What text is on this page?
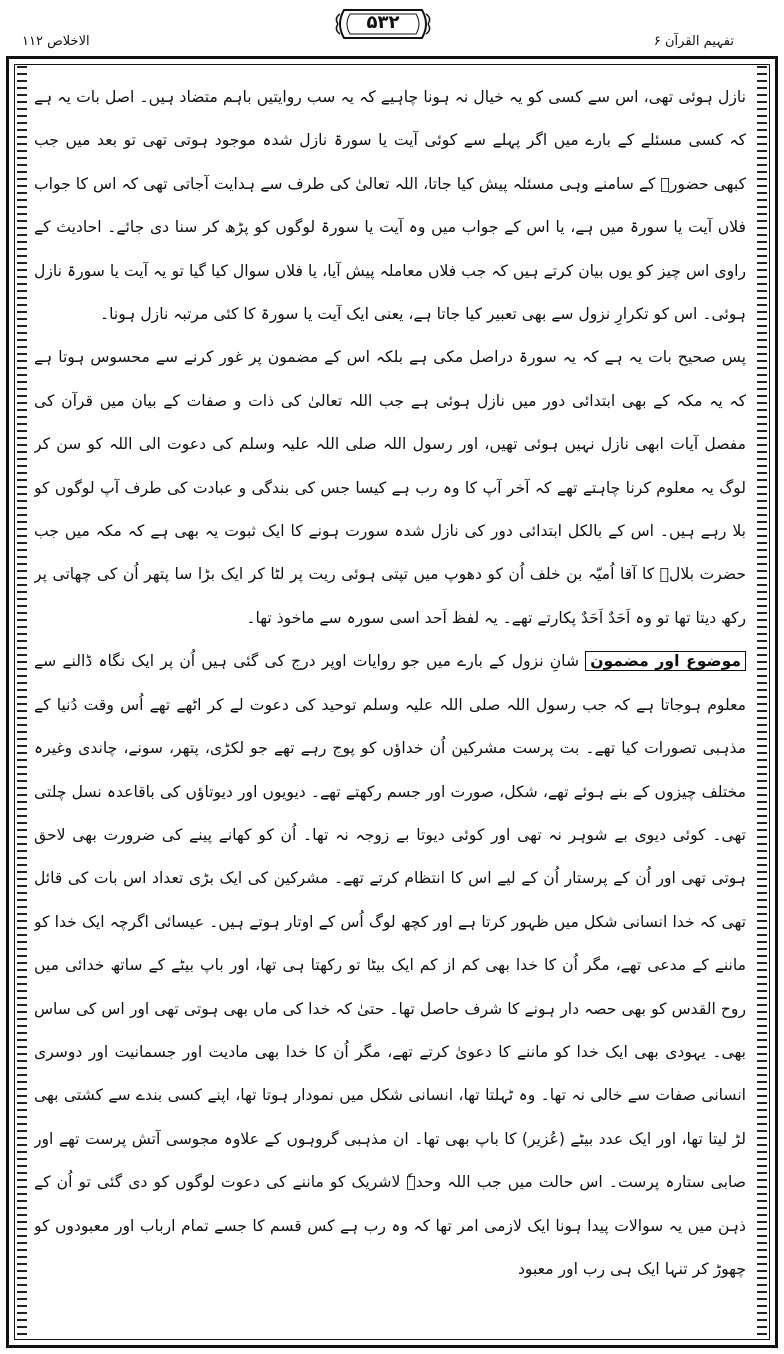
الاخلاص ۱۱۲
۵۳۲
تفہیم القرآن ۶

نازل ہوئی تھی، اس سے کسی کو یہ خیال نہ ہونا چاہیے کہ یہ سب روایتیں باہم متضاد ہیں۔ اصل بات یہ ہے کہ کسی مسئلے کے بارے میں اگر پہلے سے کوئی آیت یا سورۃ نازل شدہ موجود ہوتی تھی تو بعد میں جب کبھی حضورؐ کے سامنے وہی مسئلہ پیش کیا جاتا، اللہ تعالیٰ کی طرف سے ہدایت آجاتی تھی کہ اس کا جواب فلاں آیت یا سورۃ میں ہے، یا اس کے جواب میں وہ آیت یا سورۃ لوگوں کو پڑھ کر سنا دی جائے۔ احادیث کے راوی اس چیز کو یوں بیان کرتے ہیں کہ جب فلاں معاملہ پیش آیا، یا فلاں سوال کیا گیا تو یہ آیت یا سورۃ نازل ہوئی۔ اس کو تکرارِ نزول سے بھی تعبیر کیا جاتا ہے، یعنی ایک آیت یا سورۃ کا کئی مرتبہ نازل ہونا۔

پس صحیح بات یہ ہے کہ یہ سورۃ دراصل مکی ہے بلکہ اس کے مضمون پر غور کرنے سے محسوس ہوتا ہے کہ یہ مکہ کے بھی ابتدائی دور میں نازل ہوئی ہے جب اللہ تعالیٰ کی ذات و صفات کے بیان میں قرآن کی مفصل آیات ابھی نازل نہیں ہوئی تھیں، اور رسول اللہ صلی اللہ علیہ وسلم کی دعوت الی اللہ کو سن کر لوگ یہ معلوم کرنا چاہتے تھے کہ آخر آپ کا وہ رب ہے کیسا جس کی بندگی و عبادت کی طرف آپ لوگوں کو بلا رہے ہیں۔ اس کے بالکل ابتدائی دور کی نازل شدہ سورت ہونے کا ایک ثبوت یہ بھی ہے کہ مکہ میں جب حضرت بلالؓ کا آقا اُمیّہ بن خلف اُن کو دھوپ میں تپتی ہوئی ریت پر لٹا کر ایک بڑا سا پتھر اُن کی چھاتی پر رکھ دیتا تھا تو وہ اَحَدٌ اَحَدٌ پکارتے تھے۔ یہ لفظ اَحد اسی سورہ سے ماخوذ تھا۔

موضوع اور مضمون شانِ نزول کے بارے میں جو روایات اوپر درج کی گئی ہیں اُن پر ایک نگاہ ڈالنے سے معلوم ہوجاتا ہے کہ جب رسول اللہ صلی اللہ علیہ وسلم توحید کی دعوت لے کر اٹھے تھے اُس وقت دُنیا کے مذہبی تصورات کیا تھے۔ بت پرست مشرکین اُن خداؤں کو پوج رہے تھے جو لکڑی، پتھر، سونے، چاندی وغیرہ مختلف چیزوں کے بنے ہوئے تھے، شکل، صورت اور جسم رکھتے تھے۔ دیویوں اور دیوتاؤں کی باقاعدہ نسل چلتی تھی۔ کوئی دیوی بے شوہر نہ تھی اور کوئی دیوتا بے زوجہ نہ تھا۔ اُن کو کھانے پینے کی ضرورت بھی لاحق ہوتی تھی اور اُن کے پرستار اُن کے لیے اس کا انتظام کرتے تھے۔ مشرکین کی ایک بڑی تعداد اس بات کی قائل تھی کہ خدا انسانی شکل میں ظہور کرتا ہے اور کچھ لوگ اُس کے اوتار ہوتے ہیں۔ عیسائی اگرچہ ایک خدا کو ماننے کے مدعی تھے، مگر اُن کا خدا بھی کم از کم ایک بیٹا تو رکھتا ہی تھا، اور باپ بیٹے کے ساتھ خدائی میں روح القدس کو بھی حصہ دار ہونے کا شرف حاصل تھا۔ حتیٰ کہ خدا کی ماں بھی ہوتی تھی اور اس کی ساس بھی۔ یہودی بھی ایک خدا کو ماننے کا دعویٰ کرتے تھے، مگر اُن کا خدا بھی مادیت اور جسمانیت اور دوسری انسانی صفات سے خالی نہ تھا۔ وہ ٹہلتا تھا، انسانی شکل میں نمودار ہوتا تھا، اپنے کسی بندے سے کشتی بھی لڑ لیتا تھا، اور ایک عدد بیٹے (عُزیر) کا باپ بھی تھا۔ ان مذہبی گروہوں کے علاوہ مجوسی آتش پرست تھے اور صابی ستارہ پرست۔ اس حالت میں جب اللہ وحدہٗ لاشریک کو ماننے کی دعوت لوگوں کو دی گئی تو اُن کے ذہن میں یہ سوالات پیدا ہونا ایک لازمی امر تھا کہ وہ رب ہے کس قسم کا جسے تمام ارباب اور معبودوں کو چھوڑ کر تنہا ایک ہی رب اور معبود
